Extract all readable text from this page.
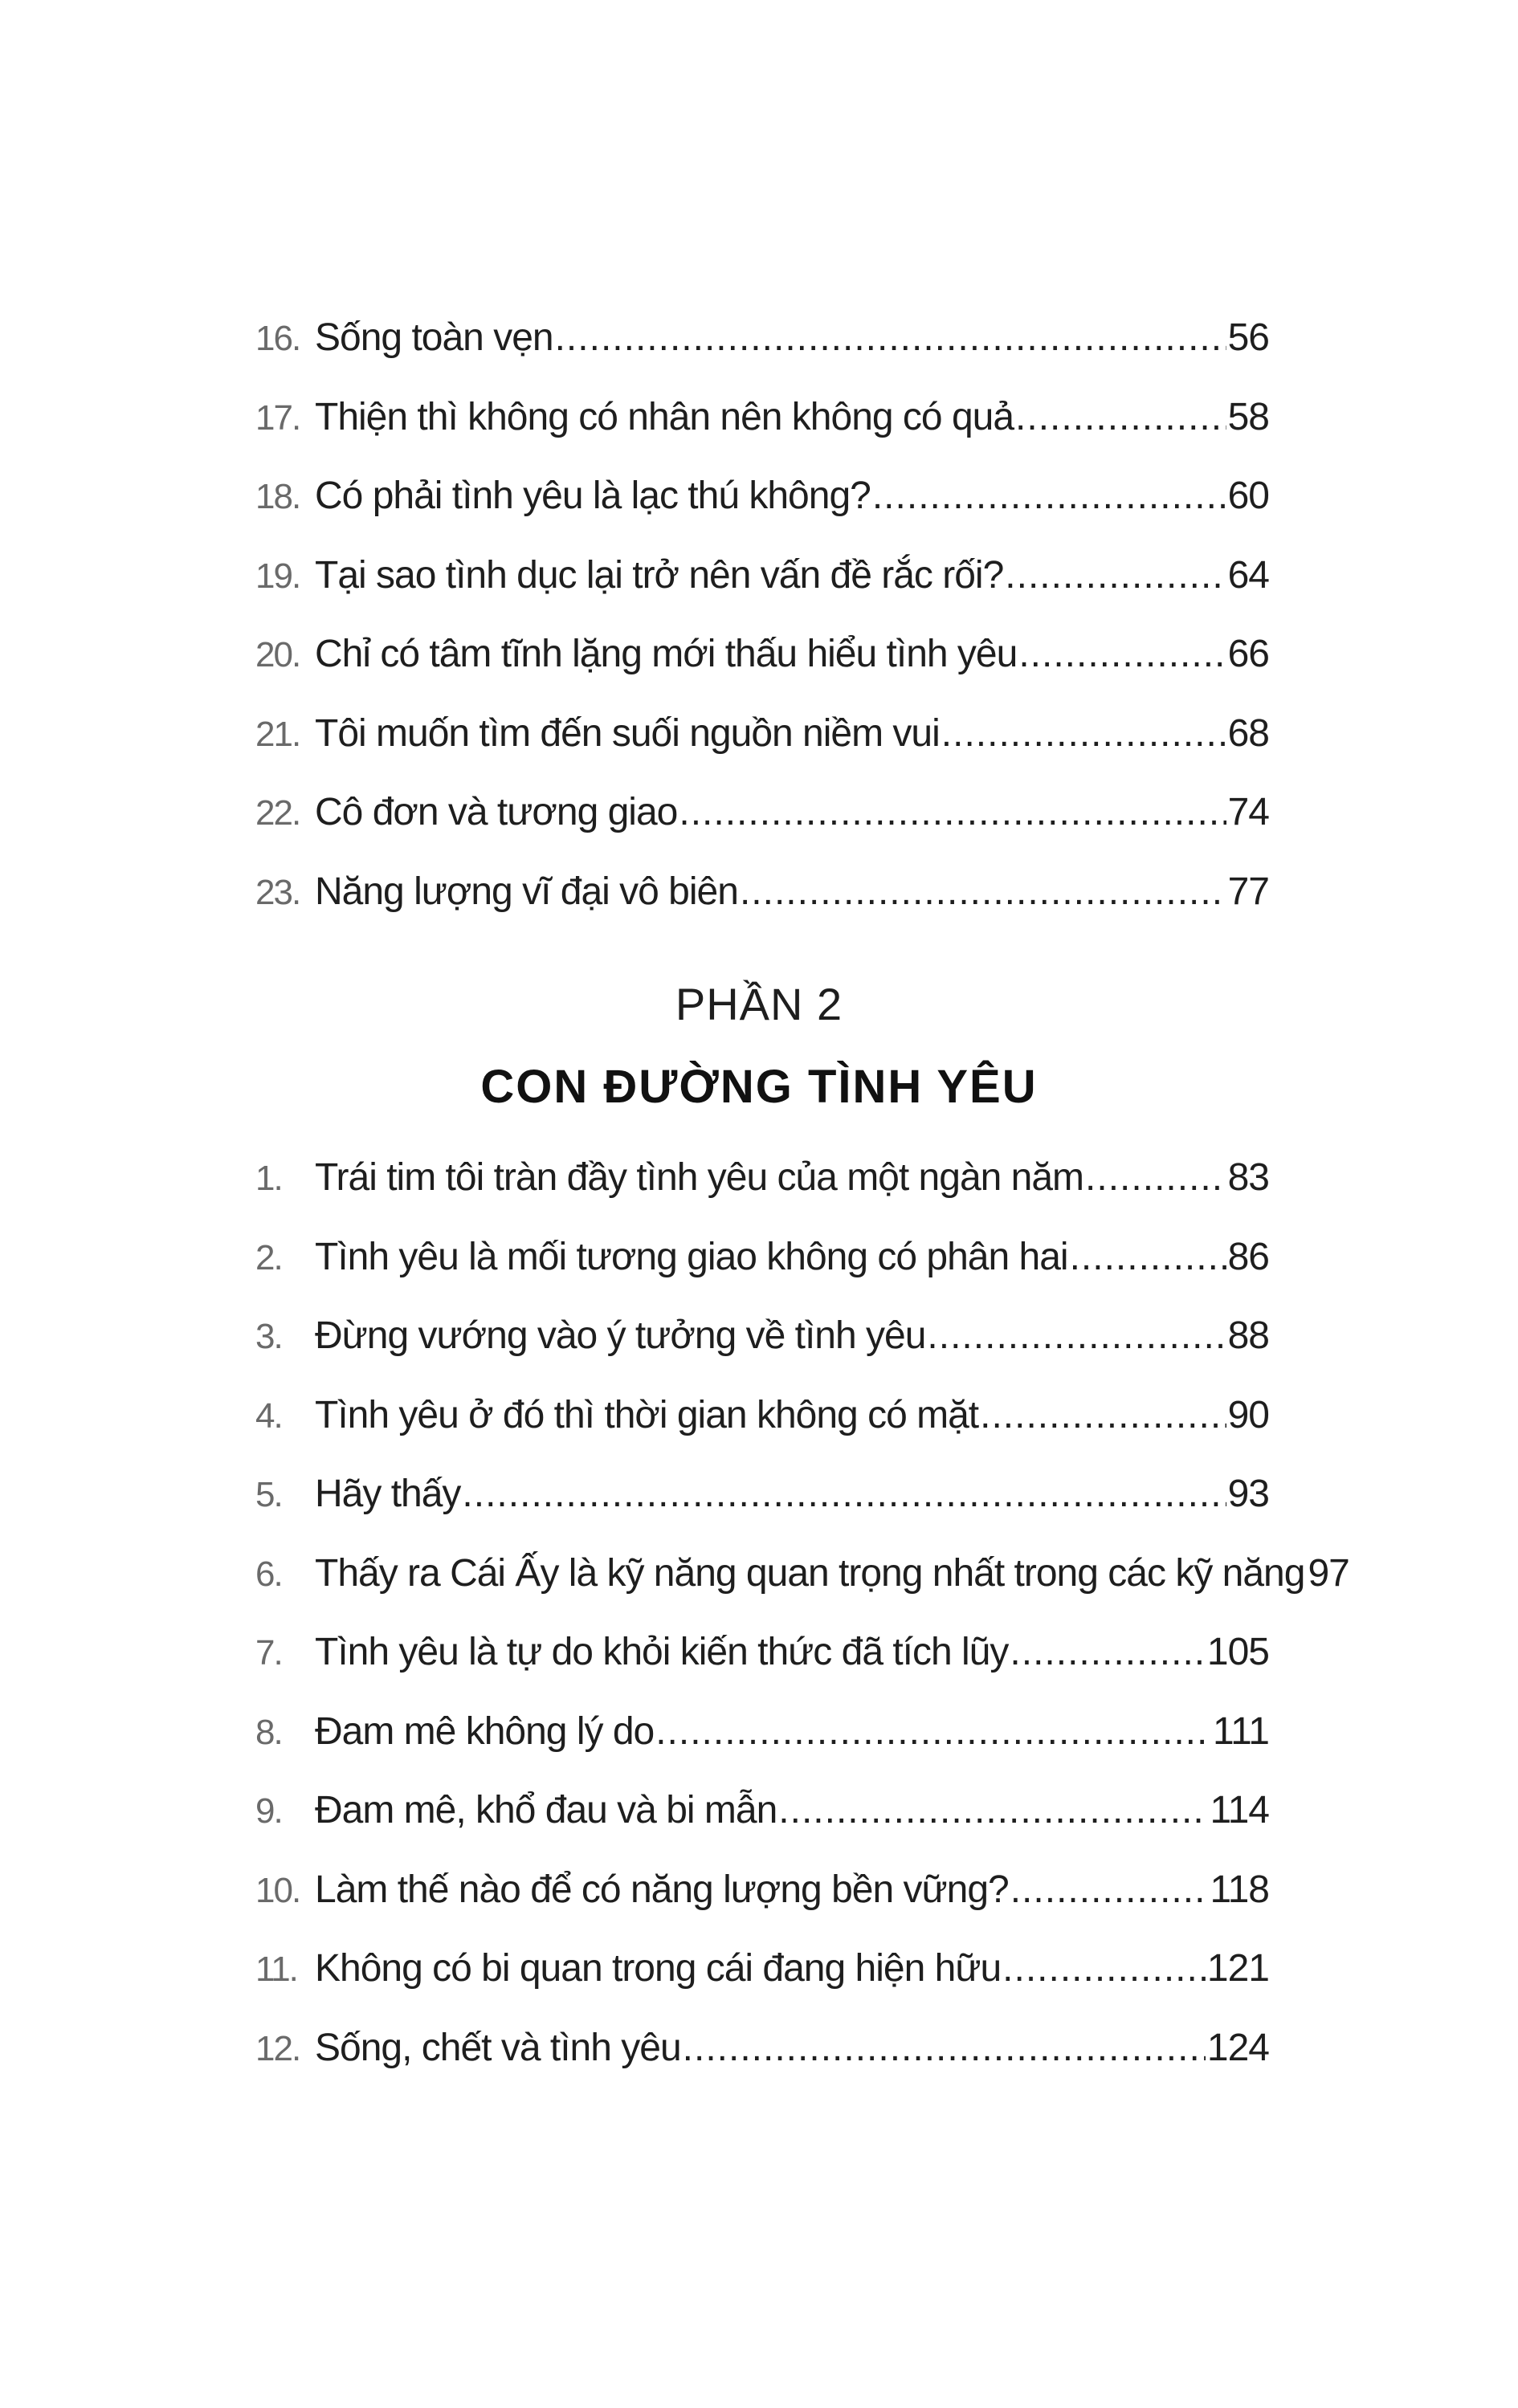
16. Sống toàn vẹn .....	56
17. Thiện thì không có nhân nên không có quả .....	58
18. Có phải tình yêu là lạc thú không? .....	60
19. Tại sao tình dục lại trở nên vấn đề rắc rối? .....	64
20. Chỉ có tâm tĩnh lặng mới thấu hiểu tình yêu .....	66
21. Tôi muốn tìm đến suối nguồn niềm vui .....	68
22. Cô đơn và tương giao .....	74
23. Năng lượng vĩ đại vô biên .....	77
PHẦN 2
CON ĐƯỜNG TÌNH YÊU
1. Trái tim tôi tràn đầy tình yêu của một ngàn năm .....	83
2. Tình yêu là mối tương giao không có phân hai .....	86
3. Đừng vướng vào ý tưởng về tình yêu .....	88
4. Tình yêu ở đó thì thời gian không có mặt .....	90
5. Hãy thấy .....	93
6. Thấy ra Cái Ấy là kỹ năng quan trọng nhất trong các kỹ năng 97
7. Tình yêu là tự do khỏi kiến thức đã tích lũy .....	105
8. Đam mê không lý do .....	111
9. Đam mê, khổ đau và bi mẫn .....	114
10. Làm thế nào để có năng lượng bền vững? .....	118
11. Không có bi quan trong cái đang hiện hữu .....	121
12. Sống, chết và tình yêu .....	124
